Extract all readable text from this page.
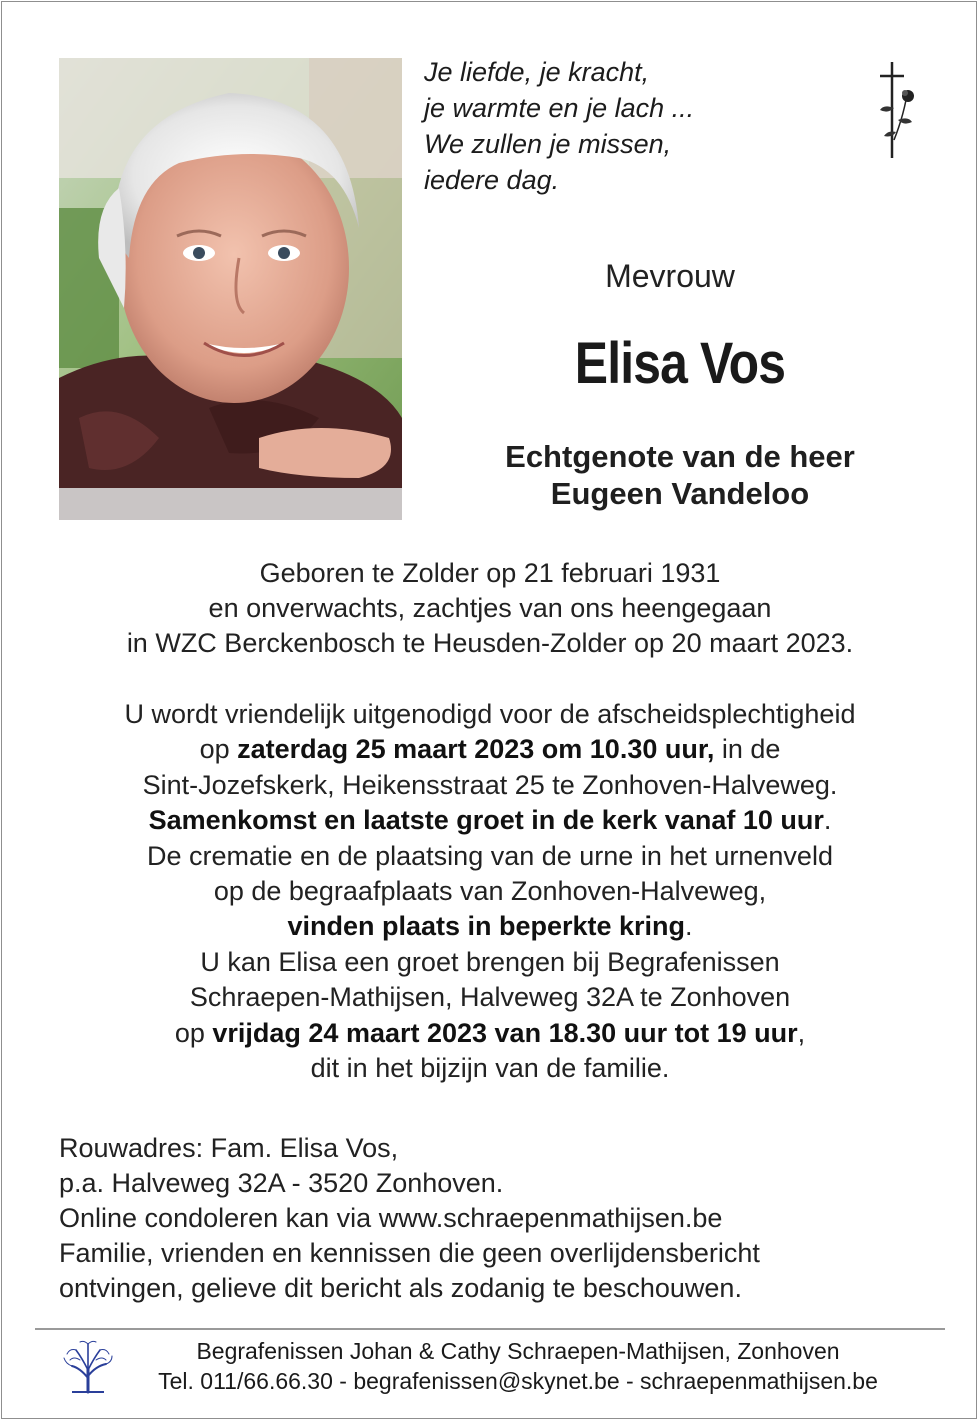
Je liefde, je kracht,
je warmte en je lach ...
We zullen je missen,
iedere dag.
Mevrouw
Elisa Vos
Echtgenote van de heer
Eugeen Vandeloo
Geboren te Zolder op 21 februari 1931
en onverwachts, zachtjes van ons heengegaan
in WZC Berckenbosch te Heusden-Zolder op 20 maart 2023.
U wordt vriendelijk uitgenodigd voor de afscheidsplechtigheid
op zaterdag 25 maart 2023 om 10.30 uur, in de
Sint-Jozefskerk, Heikensstraat 25 te Zonhoven-Halveweg.
Samenkomst en laatste groet in de kerk vanaf 10 uur.
De crematie en de plaatsing van de urne in het urnenveld
op de begraafplaats van Zonhoven-Halveweg,
vinden plaats in beperkte kring.
U kan Elisa een groet brengen bij Begrafenissen
Schraepen-Mathijsen, Halveweg 32A te Zonhoven
op vrijdag 24 maart 2023 van 18.30 uur tot 19 uur,
dit in het bijzijn van de familie.
Rouwadres: Fam. Elisa Vos,
p.a. Halveweg 32A - 3520 Zonhoven.
Online condoleren kan via www.schraepenmathijsen.be
Familie, vrienden en kennissen die geen overlijdensbericht
ontvingen, gelieve dit bericht als zodanig te beschouwen.
Begrafenissen Johan & Cathy Schraepen-Mathijsen, Zonhoven
Tel. 011/66.66.30 - begrafenissen@skynet.be - schraepenmathijsen.be
